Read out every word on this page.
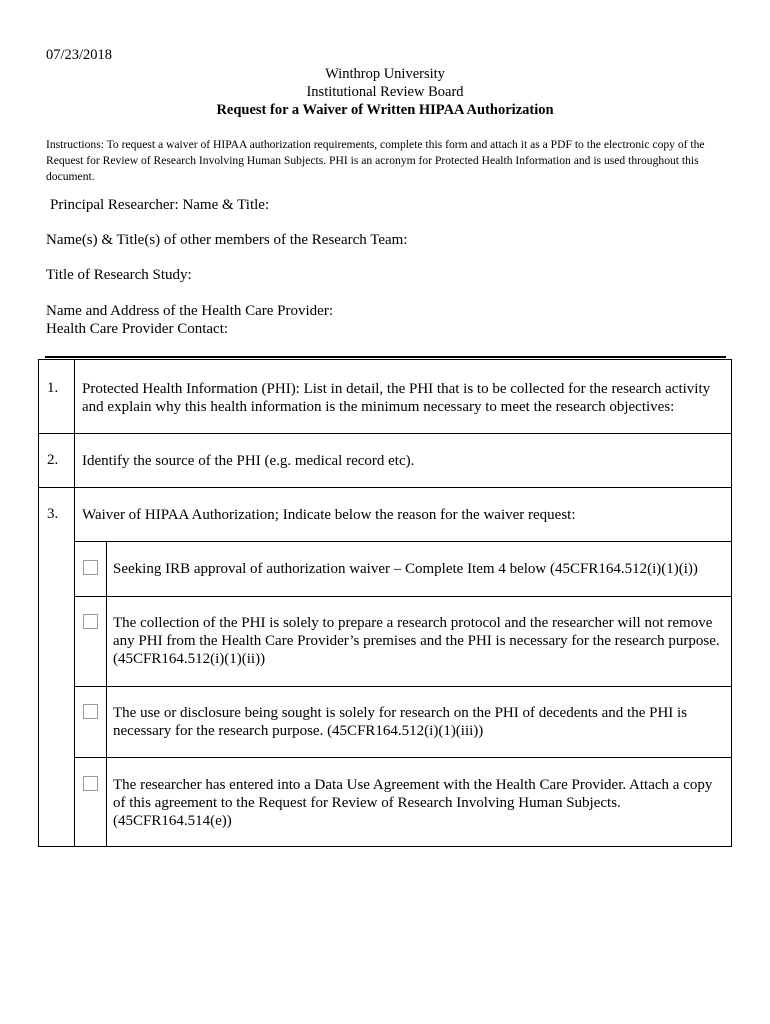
07/23/2018
Winthrop University
Institutional Review Board
Request for a Waiver of Written HIPAA Authorization
Instructions: To request a waiver of HIPAA authorization requirements, complete this form and attach it as a PDF to the electronic copy of the Request for Review of Research Involving Human Subjects. PHI is an acronym for Protected Health Information and is used throughout this document.
Principal Researcher: Name & Title:
Name(s) & Title(s) of other members of the Research Team:
Title of Research Study:
Name and Address of the Health Care Provider:
Health Care Provider Contact:
1. Protected Health Information (PHI): List in detail, the PHI that is to be collected for the research activity and explain why this health information is the minimum necessary to meet the research objectives:
2. Identify the source of the PHI (e.g. medical record etc).
3. Waiver of HIPAA Authorization; Indicate below the reason for the waiver request:
Seeking IRB approval of authorization waiver – Complete Item 4 below (45CFR164.512(i)(1)(i))
The collection of the PHI is solely to prepare a research protocol and the researcher will not remove any PHI from the Health Care Provider’s premises and the PHI is necessary for the research purpose. (45CFR164.512(i)(1)(ii))
The use or disclosure being sought is solely for research on the PHI of decedents and the PHI is necessary for the research purpose. (45CFR164.512(i)(1)(iii))
The researcher has entered into a Data Use Agreement with the Health Care Provider. Attach a copy of this agreement to the Request for Review of Research Involving Human Subjects. (45CFR164.514(e))
